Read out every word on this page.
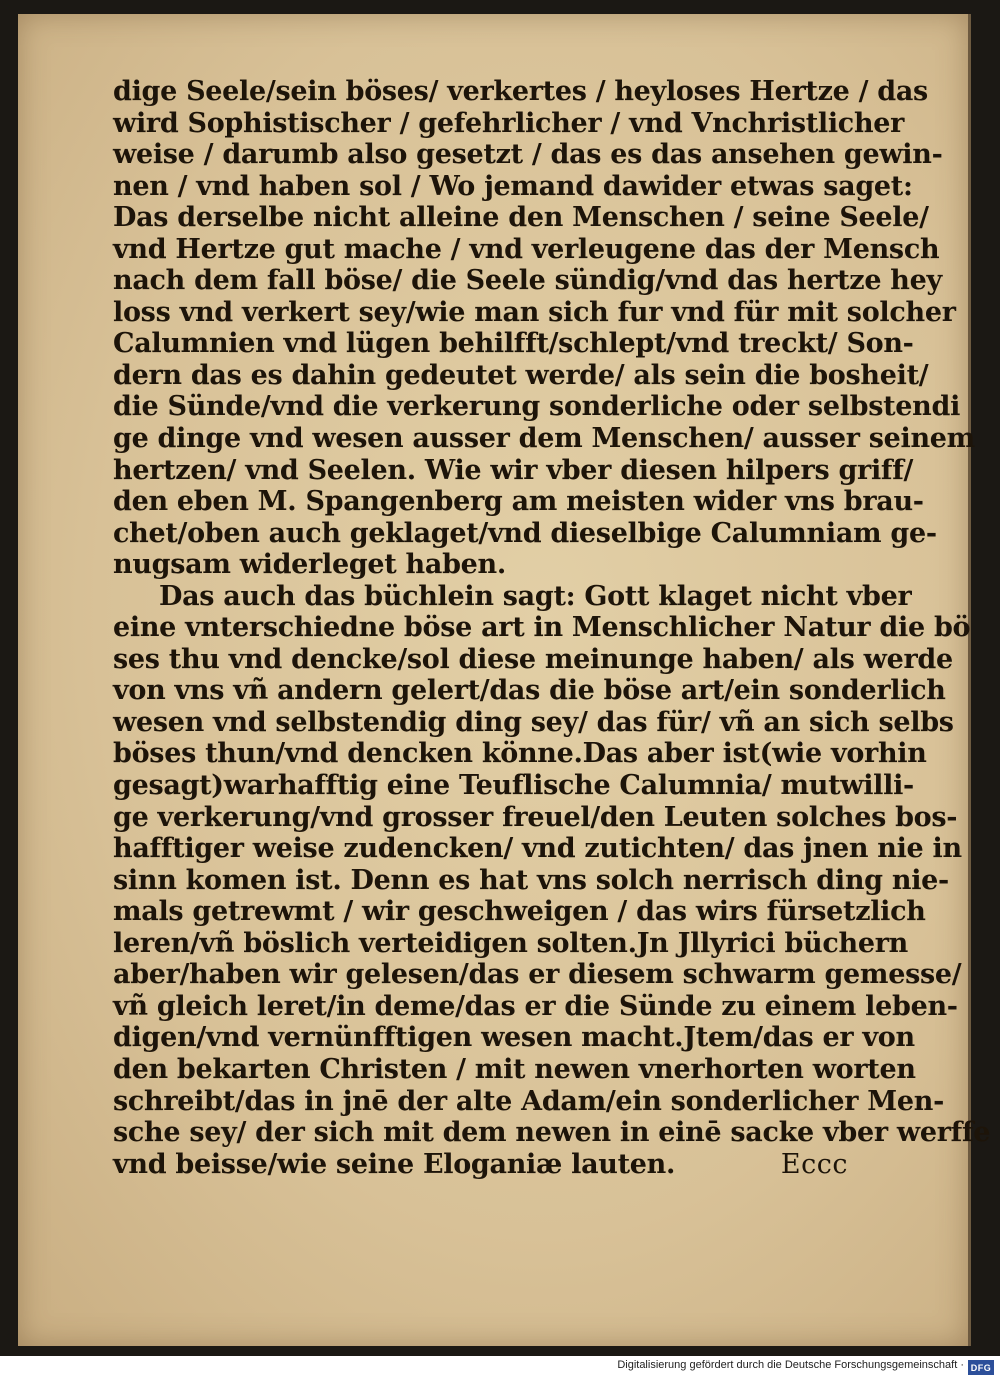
dige Seele/sein böses/ verkertes / heyloses Hertze / das
wird Sophistischer / gefehrlicher / vnd Vnchristlicher
weise / darumb also gesetzt / das es das ansehen gewin-
nen / vnd haben sol / Wo jemand dawider etwas saget:
Das derselbe nicht alleine den Menschen / seine Seele/
vnd Hertze gut mache / vnd verleugene das der Mensch
nach dem fall böse/ die Seele sündig/vnd das hertze hey
loss vnd verkert sey/wie man sich fur vnd für mit solcher
Calumnien vnd lügen behilfft/schlept/vnd treckt/ Son-
dern das es dahin gedeutet werde/ als sein die bosheit/
die Sünde/vnd die verkerung sonderliche oder selbstendi
ge dinge vnd wesen ausser dem Menschen/ ausser seinem
hertzen/ vnd Seelen. Wie wir vber diesen hilpers griff/
den eben M. Spangenberg am meisten wider vns brau-
chet/oben auch geklaget/vnd dieselbige Calumniam ge-
nugsam widerleget haben.
Das auch das büchlein sagt: Gott klaget nicht vber
eine vnterschiedne böse art in Menschlicher Natur die bö
ses thu vnd dencke/sol diese meinunge haben/ als werde
von vns vñ andern gelert/das die böse art/ein sonderlich
wesen vnd selbstendig ding sey/ das für/ vñ an sich selbs
böses thun/vnd dencken könne.Das aber ist(wie vorhin
gesagt)warhafftig eine Teuflische Calumnia/ mutwilli-
ge verkerung/vnd grosser freuel/den Leuten solches bos-
hafftiger weise zudencken/ vnd zutichten/ das jnen nie in
sinn komen ist. Denn es hat vns solch nerrisch ding nie-
mals getrewmt / wir geschweigen / das wirs fürsetzlich
leren/vñ böslich verteidigen solten.Jn Jllyrici büchern
aber/haben wir gelesen/das er diesem schwarm gemesse/
vñ gleich leret/in deme/das er die Sünde zu einem leben-
digen/vnd vernünfftigen wesen macht.Jtem/das er von
den bekarten Christen / mit newen vnerhorten worten
schreibt/das in jnē der alte Adam/ein sonderlicher Men-
sche sey/ der sich mit dem newen in einē sacke vber werffe
vnd beisse/wie seine Eloganiæ lauten.	Eccc
Digitalisierung gefördert durch die Deutsche Forschungsgemeinschaft · DFG
